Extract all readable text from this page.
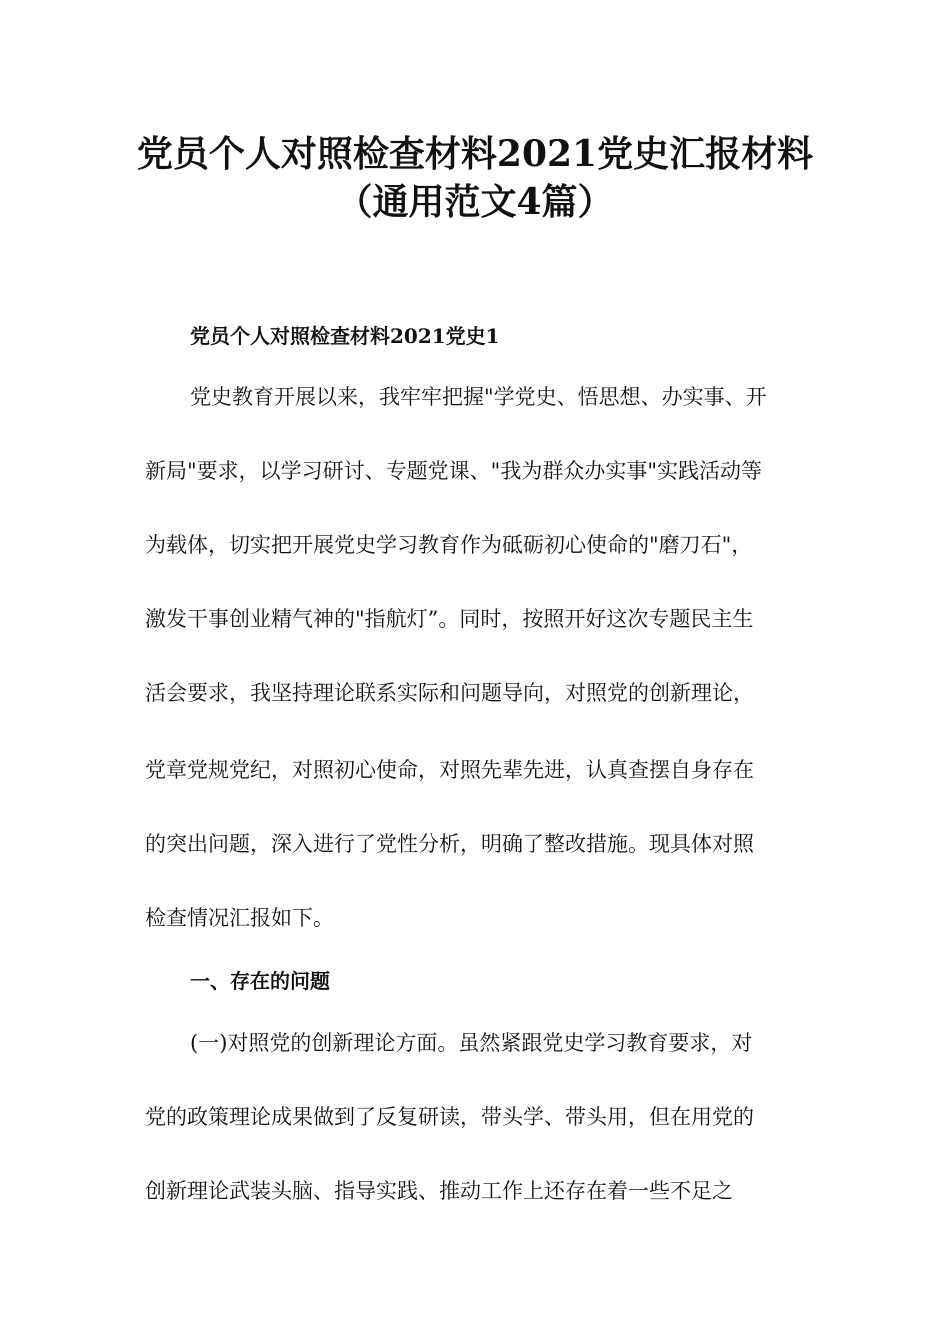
党员个人对照检查材料2021党史汇报材料
（通用范文4篇）
党员个人对照检查材料2021党史1
党史教育开展以来，我牢牢把握"学党史、悟思想、办实事、开
新局"要求，以学习研讨、专题党课、"我为群众办实事"实践活动等
为载体，切实把开展党史学习教育作为砥砺初心使命的"磨刀石"，
激发干事创业精气神的"指航灯”。同时，按照开好这次专题民主生
活会要求，我坚持理论联系实际和问题导向，对照党的创新理论，
党章党规党纪，对照初心使命，对照先辈先进，认真查摆自身存在
的突出问题，深入进行了党性分析，明确了整改措施。现具体对照
检查情况汇报如下。
一、存在的问题
(一)对照党的创新理论方面。虽然紧跟党史学习教育要求，对
党的政策理论成果做到了反复研读，带头学、带头用，但在用党的
创新理论武装头脑、指导实践、推动工作上还存在着一些不足之
